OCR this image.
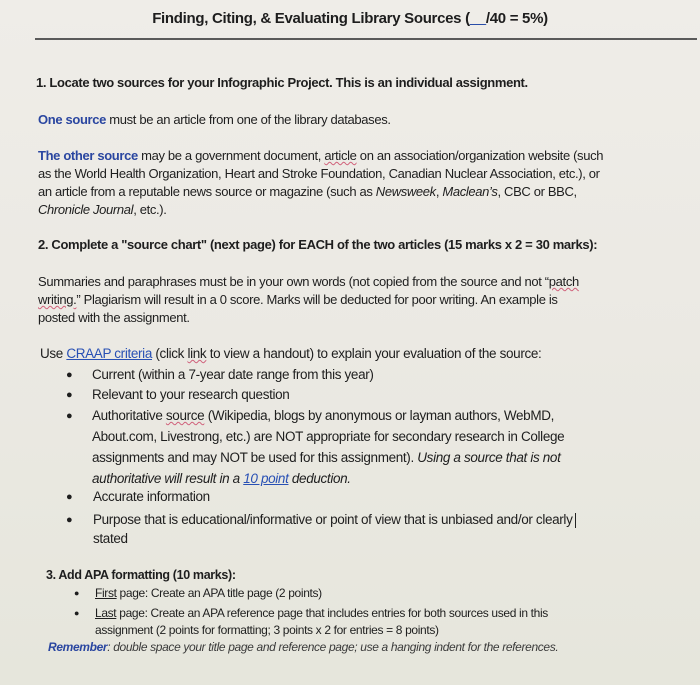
Finding, Citing, & Evaluating Library Sources (__/40 = 5%)
1. Locate two sources for your Infographic Project. This is an individual assignment.
One source must be an article from one of the library databases.
The other source may be a government document, article on an association/organization website (such
as the World Health Organization, Heart and Stroke Foundation, Canadian Nuclear Association, etc.), or
an article from a reputable news source or magazine (such as Newsweek, Maclean’s, CBC or BBC,
Chronicle Journal, etc.).
2. Complete a "source chart" (next page) for EACH of the two articles (15 marks x 2 = 30 marks):
Summaries and paraphrases must be in your own words (not copied from the source and not “patch
writing.” Plagiarism will result in a 0 score. Marks will be deducted for poor writing. An example is
posted with the assignment.
Use CRAAP criteria (click link to view a handout) to explain your evaluation of the source:
● Current (within a 7-year date range from this year)
● Relevant to your research question
● Authoritative source (Wikipedia, blogs by anonymous or layman authors, WebMD,
About.com, Livestrong, etc.) are NOT appropriate for secondary research in College
assignments and may NOT be used for this assignment). Using a source that is not
authoritative will result in a 10 point deduction.
● Accurate information
● Purpose that is educational/informative or point of view that is unbiased and/or clearly
stated
3. Add APA formatting (10 marks):
● First page: Create an APA title page (2 points)
● Last page: Create an APA reference page that includes entries for both sources used in this
assignment (2 points for formatting; 3 points x 2 for entries = 8 points)
Remember: double space your title page and reference page; use a hanging indent for the references.
